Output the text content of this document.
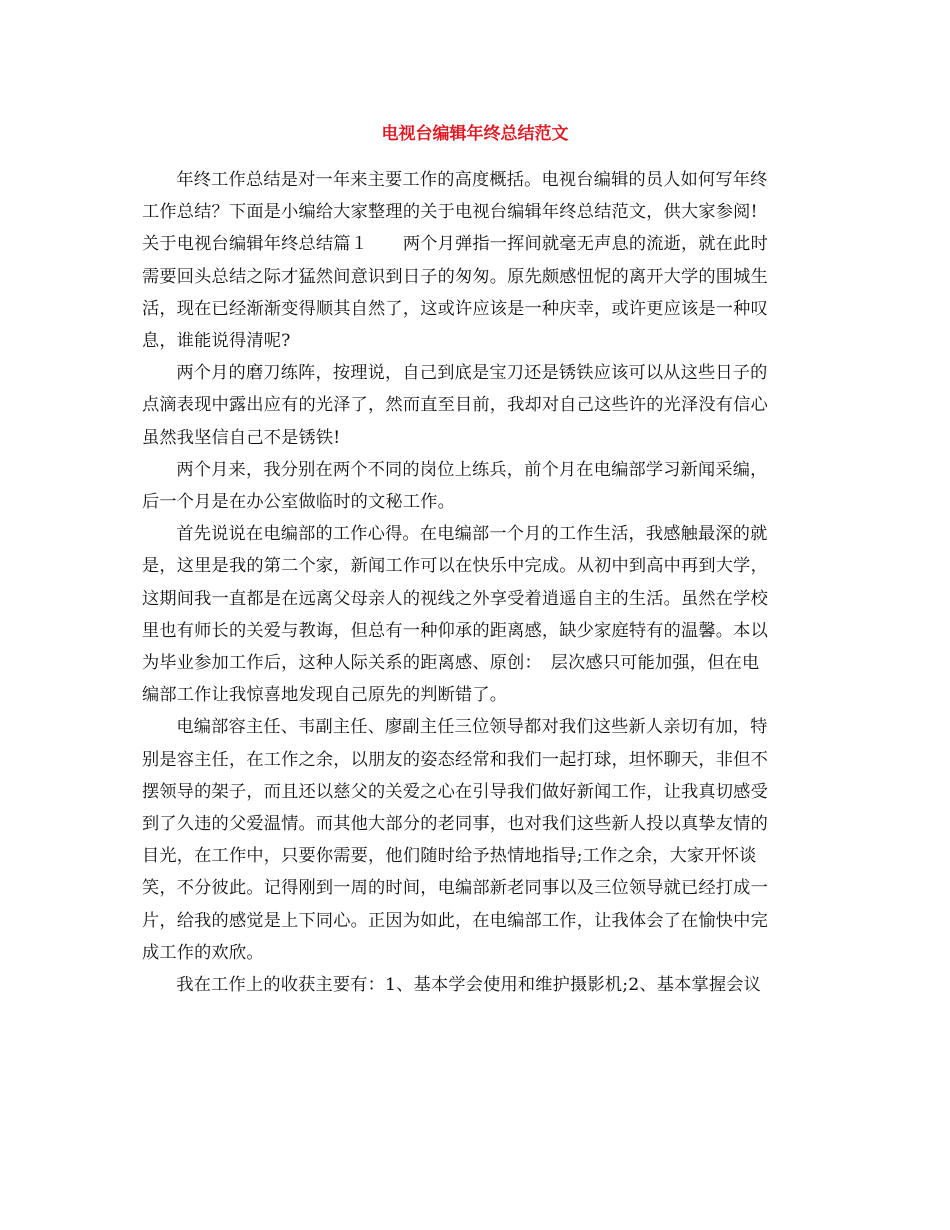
电视台编辑年终总结范文

年终工作总结是对一年来主要工作的高度概括。电视台编辑的员人如何写年终
工作总结？下面是小编给大家整理的关于电视台编辑年终总结范文，供大家参阅!
关于电视台编辑年终总结篇１　　两个月弹指一挥间就毫无声息的流逝，就在此时
需要回头总结之际才猛然间意识到日子的匆匆。原先颇感忸怩的离开大学的围城生
活，现在已经渐渐变得顺其自然了，这或许应该是一种庆幸，或许更应该是一种叹
息，谁能说得清呢?

两个月的磨刀练阵，按理说，自己到底是宝刀还是锈铁应该可以从这些日子的
点滴表现中露出应有的光泽了，然而直至目前，我却对自己这些许的光泽没有信心
虽然我坚信自己不是锈铁!

两个月来，我分别在两个不同的岗位上练兵，前个月在电编部学习新闻采编，
后一个月是在办公室做临时的文秘工作。

首先说说在电编部的工作心得。在电编部一个月的工作生活，我感触最深的就
是，这里是我的第二个家，新闻工作可以在快乐中完成。从初中到高中再到大学，
这期间我一直都是在远离父母亲人的视线之外享受着逍遥自主的生活。虽然在学校
里也有师长的关爱与教诲，但总有一种仰承的距离感，缺少家庭特有的温馨。本以
为毕业参加工作后，这种人际关系的距离感、原创：　层次感只可能加强，但在电
编部工作让我惊喜地发现自己原先的判断错了。

电编部容主任、韦副主任、廖副主任三位领导都对我们这些新人亲切有加，特
别是容主任，在工作之余，以朋友的姿态经常和我们一起打球，坦怀聊天，非但不
摆领导的架子，而且还以慈父的关爱之心在引导我们做好新闻工作，让我真切感受
到了久违的父爱温情。而其他大部分的老同事，也对我们这些新人投以真挚友情的
目光，在工作中，只要你需要，他们随时给予热情地指导;工作之余，大家开怀谈
笑，不分彼此。记得刚到一周的时间，电编部新老同事以及三位领导就已经打成一
片，给我的感觉是上下同心。正因为如此，在电编部工作，让我体会了在愉快中完
成工作的欢欣。

我在工作上的收获主要有：1、基本学会使用和维护摄影机;2、基本掌握会议
